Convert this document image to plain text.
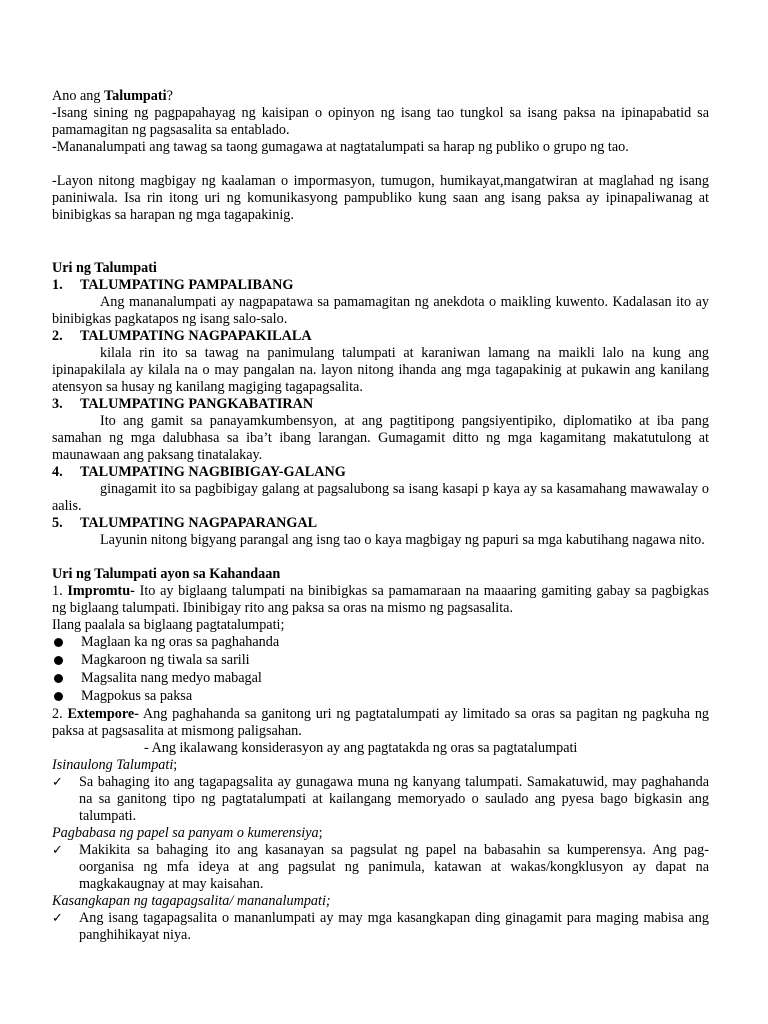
Ano ang Talumpati?

-Isang sining ng pagpapahayag ng kaisipan o opinyon ng isang tao tungkol sa isang paksa na ipinapabatid sa pamamagitan ng pagsasalita sa entablado.

-Mananalumpati ang tawag sa taong gumagawa at nagtatalumpati sa harap ng publiko o grupo ng tao.

-Layon nitong magbigay ng kaalaman o impormasyon, tumugon, humikayat,mangatwiran at maglahad ng isang paniniwala. Isa rin itong uri ng komunikasyong pampubliko kung saan ang isang paksa ay ipinapaliwanag at binibigkas sa harapan ng mga tagapakinig.

Uri ng Talumpati
1.	TALUMPATING PAMPALIBANG

Ang mananalumpati ay nagpapatawa sa pamamagitan ng anekdota o maikling kuwento. Kadalasan ito ay binibigkas pagkatapos ng isang salo-salo.

2.	TALUMPATING NAGPAPAKILALA

kilala rin ito sa tawag na panimulang talumpati at karaniwan lamang na maikli lalo na kung ang ipinapakilala ay kilala na o may pangalan na. layon nitong ihanda ang mga tagapakinig at pukawin ang kanilang atensyon sa husay ng kanilang magiging tagapagsalita.

3.	TALUMPATING PANGKABATIRAN

Ito ang gamit sa panayamkumbensyon, at ang pagtitipong pangsiyentipiko, diplomatiko at iba pang samahan ng mga dalubhasa sa iba’t ibang larangan. Gumagamit ditto ng mga kagamitang makatutulong at maunawaan ang paksang tinatalakay.

4.	TALUMPATING NAGBIBIGAY-GALANG

ginagamit ito sa pagbibigay galang at pagsalubong sa isang kasapi p kaya ay sa kasamahang mawawalay o aalis.

5.	TALUMPATING NAGPAPARANGAL

Layunin nitong bigyang parangal ang isng tao o kaya magbigay ng papuri sa mga kabutihang nagawa nito.

Uri ng Talumpati ayon sa Kahandaan

1. Impromtu- Ito ay biglaang talumpati na binibigkas sa pamamaraan na maaaring gamiting gabay sa pagbigkas ng biglaang talumpati. Ibinibigay rito ang paksa sa oras na mismo ng pagsasalita.

Ilang paalala sa biglaang pagtatalumpati;

Maglaan ka ng oras sa paghahanda
Magkaroon ng tiwala sa sarili
Magsalita nang medyo mabagal
Magpokus sa paksa

2. Extempore- Ang paghahanda sa ganitong uri ng pagtatalumpati ay limitado sa oras sa pagitan ng pagkuha ng paksa at pagsasalita at mismong paligsahan.

- Ang ikalawang konsiderasyon ay ang pagtatakda ng oras sa pagtatalumpati
Isinaulong Talumpati;
✓	Sa bahaging ito ang tagapagsalita ay gunagawa muna ng kanyang talumpati. Samakatuwid, may paghahanda na sa ganitong tipo ng pagtatalumpati at kailangang memoryado o saulado ang pyesa bago bigkasin ang talumpati.
Pagbabasa ng papel sa panyam o kumerensiya;
✓	Makikita sa bahaging ito ang kasanayan sa pagsulat ng papel na babasahin sa kumperensya. Ang pag-oorganisa ng mfa ideya at ang pagsulat ng panimula, katawan at wakas/kongklusyon ay dapat na magkakaugnay at may kaisahan.
Kasangkapan ng tagapagsalita/ mananalumpati;
✓	Ang isang tagapagsalita o mananlumpati ay may mga kasangkapan ding ginagamit para maging mabisa ang panghihikayat niya.
